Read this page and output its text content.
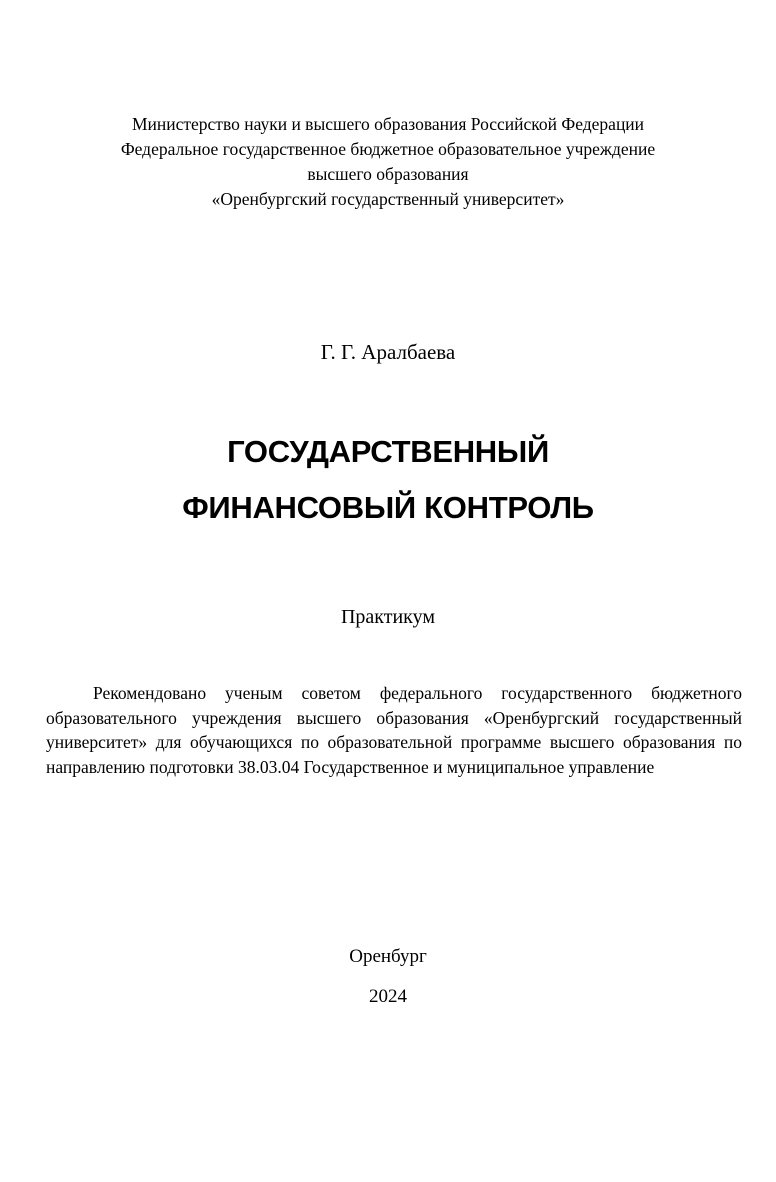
Министерство науки и высшего образования Российской Федерации
Федеральное государственное бюджетное образовательное учреждение
высшего образования
«Оренбургский государственный университет»
Г. Г. Аралбаева
ГОСУДАРСТВЕННЫЙ
ФИНАНСОВЫЙ КОНТРОЛЬ
Практикум
Рекомендовано ученым советом федерального государственного бюджетного образовательного учреждения высшего образования «Оренбургский государственный университет» для обучающихся по образовательной программе высшего образования по направлению подготовки 38.03.04 Государственное и муниципальное управление
Оренбург
2024
